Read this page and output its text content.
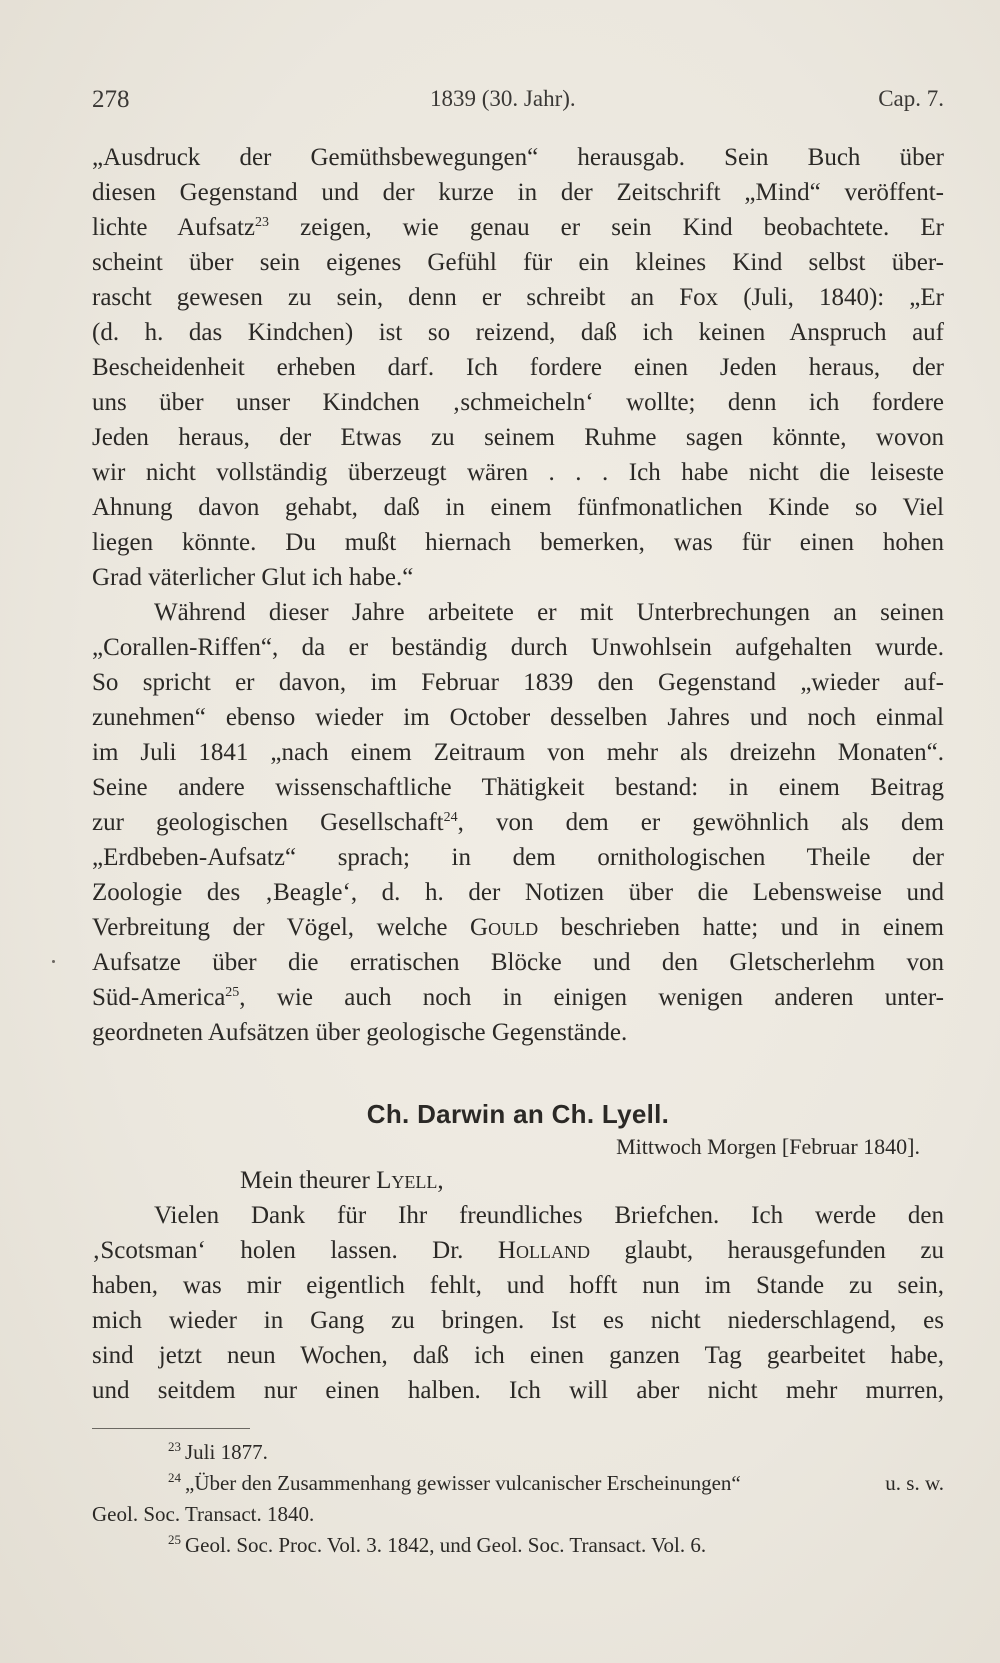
278	1839 (30. Jahr).	Cap. 7.

„Ausdruck der Gemüthsbewegungen“ herausgab. Sein Buch über
diesen Gegenstand und der kurze in der Zeitschrift „Mind“ veröffent-
lichte Aufsatz$^{23}$ zeigen, wie genau er sein Kind beobachtete. Er
scheint über sein eigenes Gefühl für ein kleines Kind selbst über-
rascht gewesen zu sein, denn er schreibt an Fox (Juli, 1840): „Er
(d. h. das Kindchen) ist so reizend, daß ich keinen Anspruch auf
Bescheidenheit erheben darf. Ich fordere einen Jeden heraus, der
uns über unser Kindchen ‚schmeicheln‘ wollte; denn ich fordere
Jeden heraus, der Etwas zu seinem Ruhme sagen könnte, wovon
wir nicht vollständig überzeugt wären . . . Ich habe nicht die leiseste
Ahnung davon gehabt, daß in einem fünfmonatlichen Kinde so Viel
liegen könnte. Du mußt hiernach bemerken, was für einen hohen
Grad väterlicher Glut ich habe.“

Während dieser Jahre arbeitete er mit Unterbrechungen an seinen
„Corallen-Riffen“, da er beständig durch Unwohlsein aufgehalten wurde.
So spricht er davon, im Februar 1839 den Gegenstand „wieder auf-
zunehmen“ ebenso wieder im October desselben Jahres und noch einmal
im Juli 1841 „nach einem Zeitraum von mehr als dreizehn Monaten“.
Seine andere wissenschaftliche Thätigkeit bestand: in einem Beitrag
zur geologischen Gesellschaft$^{24}$, von dem er gewöhnlich als dem
„Erdbeben-Aufsatz“ sprach; in dem ornithologischen Theile der
Zoologie des ‚Beagle‘, d. h. der Notizen über die Lebensweise und
Verbreitung der Vögel, welche Gould beschrieben hatte; und in einem
Aufsatze über die erratischen Blöcke und den Gletscherlehm von
Süd-America$^{25}$, wie auch noch in einigen wenigen anderen unter-
geordneten Aufsätzen über geologische Gegenstände.

Ch. Darwin an Ch. Lyell.
Mittwoch Morgen [Februar 1840].
Mein theurer Lyell,
Vielen Dank für Ihr freundliches Briefchen. Ich werde den
‚Scotsman‘ holen lassen. Dr. Holland glaubt, herausgefunden zu
haben, was mir eigentlich fehlt, und hofft nun im Stande zu sein,
mich wieder in Gang zu bringen. Ist es nicht niederschlagend, es
sind jetzt neun Wochen, daß ich einen ganzen Tag gearbeitet habe,
und seitdem nur einen halben. Ich will aber nicht mehr murren,
$^{23}$ Juli 1877.
$^{24}$ „Über den Zusammenhang gewisser vulcanischer Erscheinungen“	u. s. w.
Geol. Soc. Transact. 1840.
$^{25}$ Geol. Soc. Proc. Vol. 3. 1842, und Geol. Soc. Transact. Vol. 6.
